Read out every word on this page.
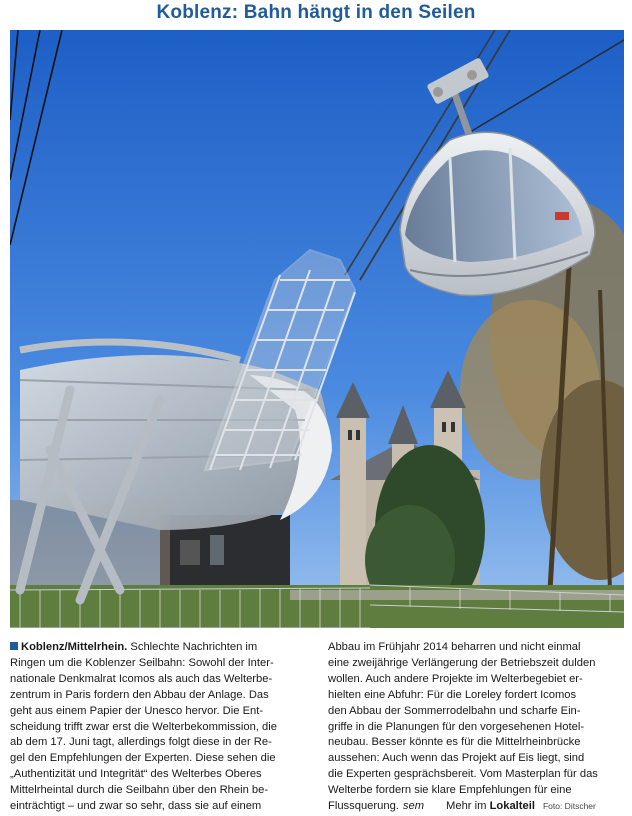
Koblenz: Bahn hängt in den Seilen
Koblenz/Mittelrhein. Schlechte Nachrichten im
Ringen um die Koblenzer Seilbahn: Sowohl der Inter-
nationale Denkmalrat Icomos als auch das Welterbe-
zentrum in Paris fordern den Abbau der Anlage. Das
geht aus einem Papier der Unesco hervor. Die Ent-
scheidung trifft zwar erst die Welterbekommission, die
ab dem 17. Juni tagt, allerdings folgt diese in der Re-
gel den Empfehlungen der Experten. Diese sehen die
„Authentizität und Integrität“ des Welterbes Oberes
Mittelrheintal durch die Seilbahn über den Rhein be-
einträchtigt – und zwar so sehr, dass sie auf einem
Abbau im Frühjahr 2014 beharren und nicht einmal
eine zweijährige Verlängerung der Betriebszeit dulden
wollen. Auch andere Projekte im Welterbegebiet er-
hielten eine Abfuhr: Für die Loreley fordert Icomos
den Abbau der Sommerrodelbahn und scharfe Ein-
griffe in die Planungen für den vorgesehenen Hotel-
neubau. Besser könnte es für die Mittelrheinbrücke
aussehen: Auch wenn das Projekt auf Eis liegt, sind
die Experten gesprächsbereit. Vom Masterplan für das
Welterbe fordern sie klare Empfehlungen für eine
Flussquerung. sem Mehr im Lokalteil Foto: Ditscher
